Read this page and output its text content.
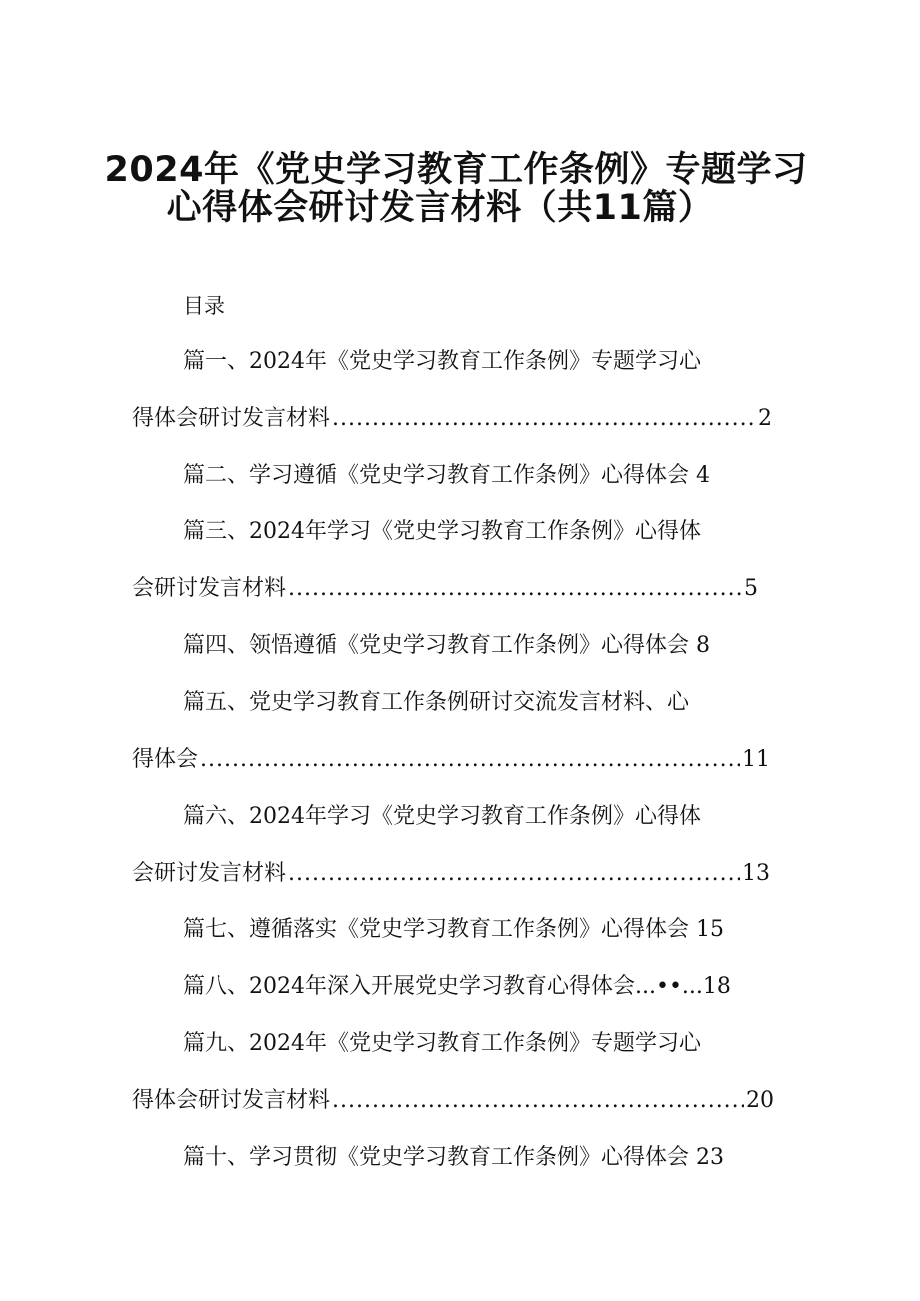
2024年《党史学习教育工作条例》专题学习
心得体会研讨发言材料（共11篇）
目录
篇一、2024年《党史学习教育工作条例》专题学习心
得体会研讨发言材料 .....	2
篇二、学习遵循《党史学习教育工作条例》心得体会 4
篇三、2024年学习《党史学习教育工作条例》心得体
会研讨发言材料 .....	5
篇四、领悟遵循《党史学习教育工作条例》心得体会 8
篇五、党史学习教育工作条例研讨交流发言材料、心
得体会 .....	11
篇六、2024年学习《党史学习教育工作条例》心得体
会研讨发言材料 .....	13
篇七、遵循落实《党史学习教育工作条例》心得体会 15
篇八、2024年深入开展党史学习教育心得体会...••...18
篇九、2024年《党史学习教育工作条例》专题学习心
得体会研讨发言材料 .....	20
篇十、学习贯彻《党史学习教育工作条例》心得体会 23
